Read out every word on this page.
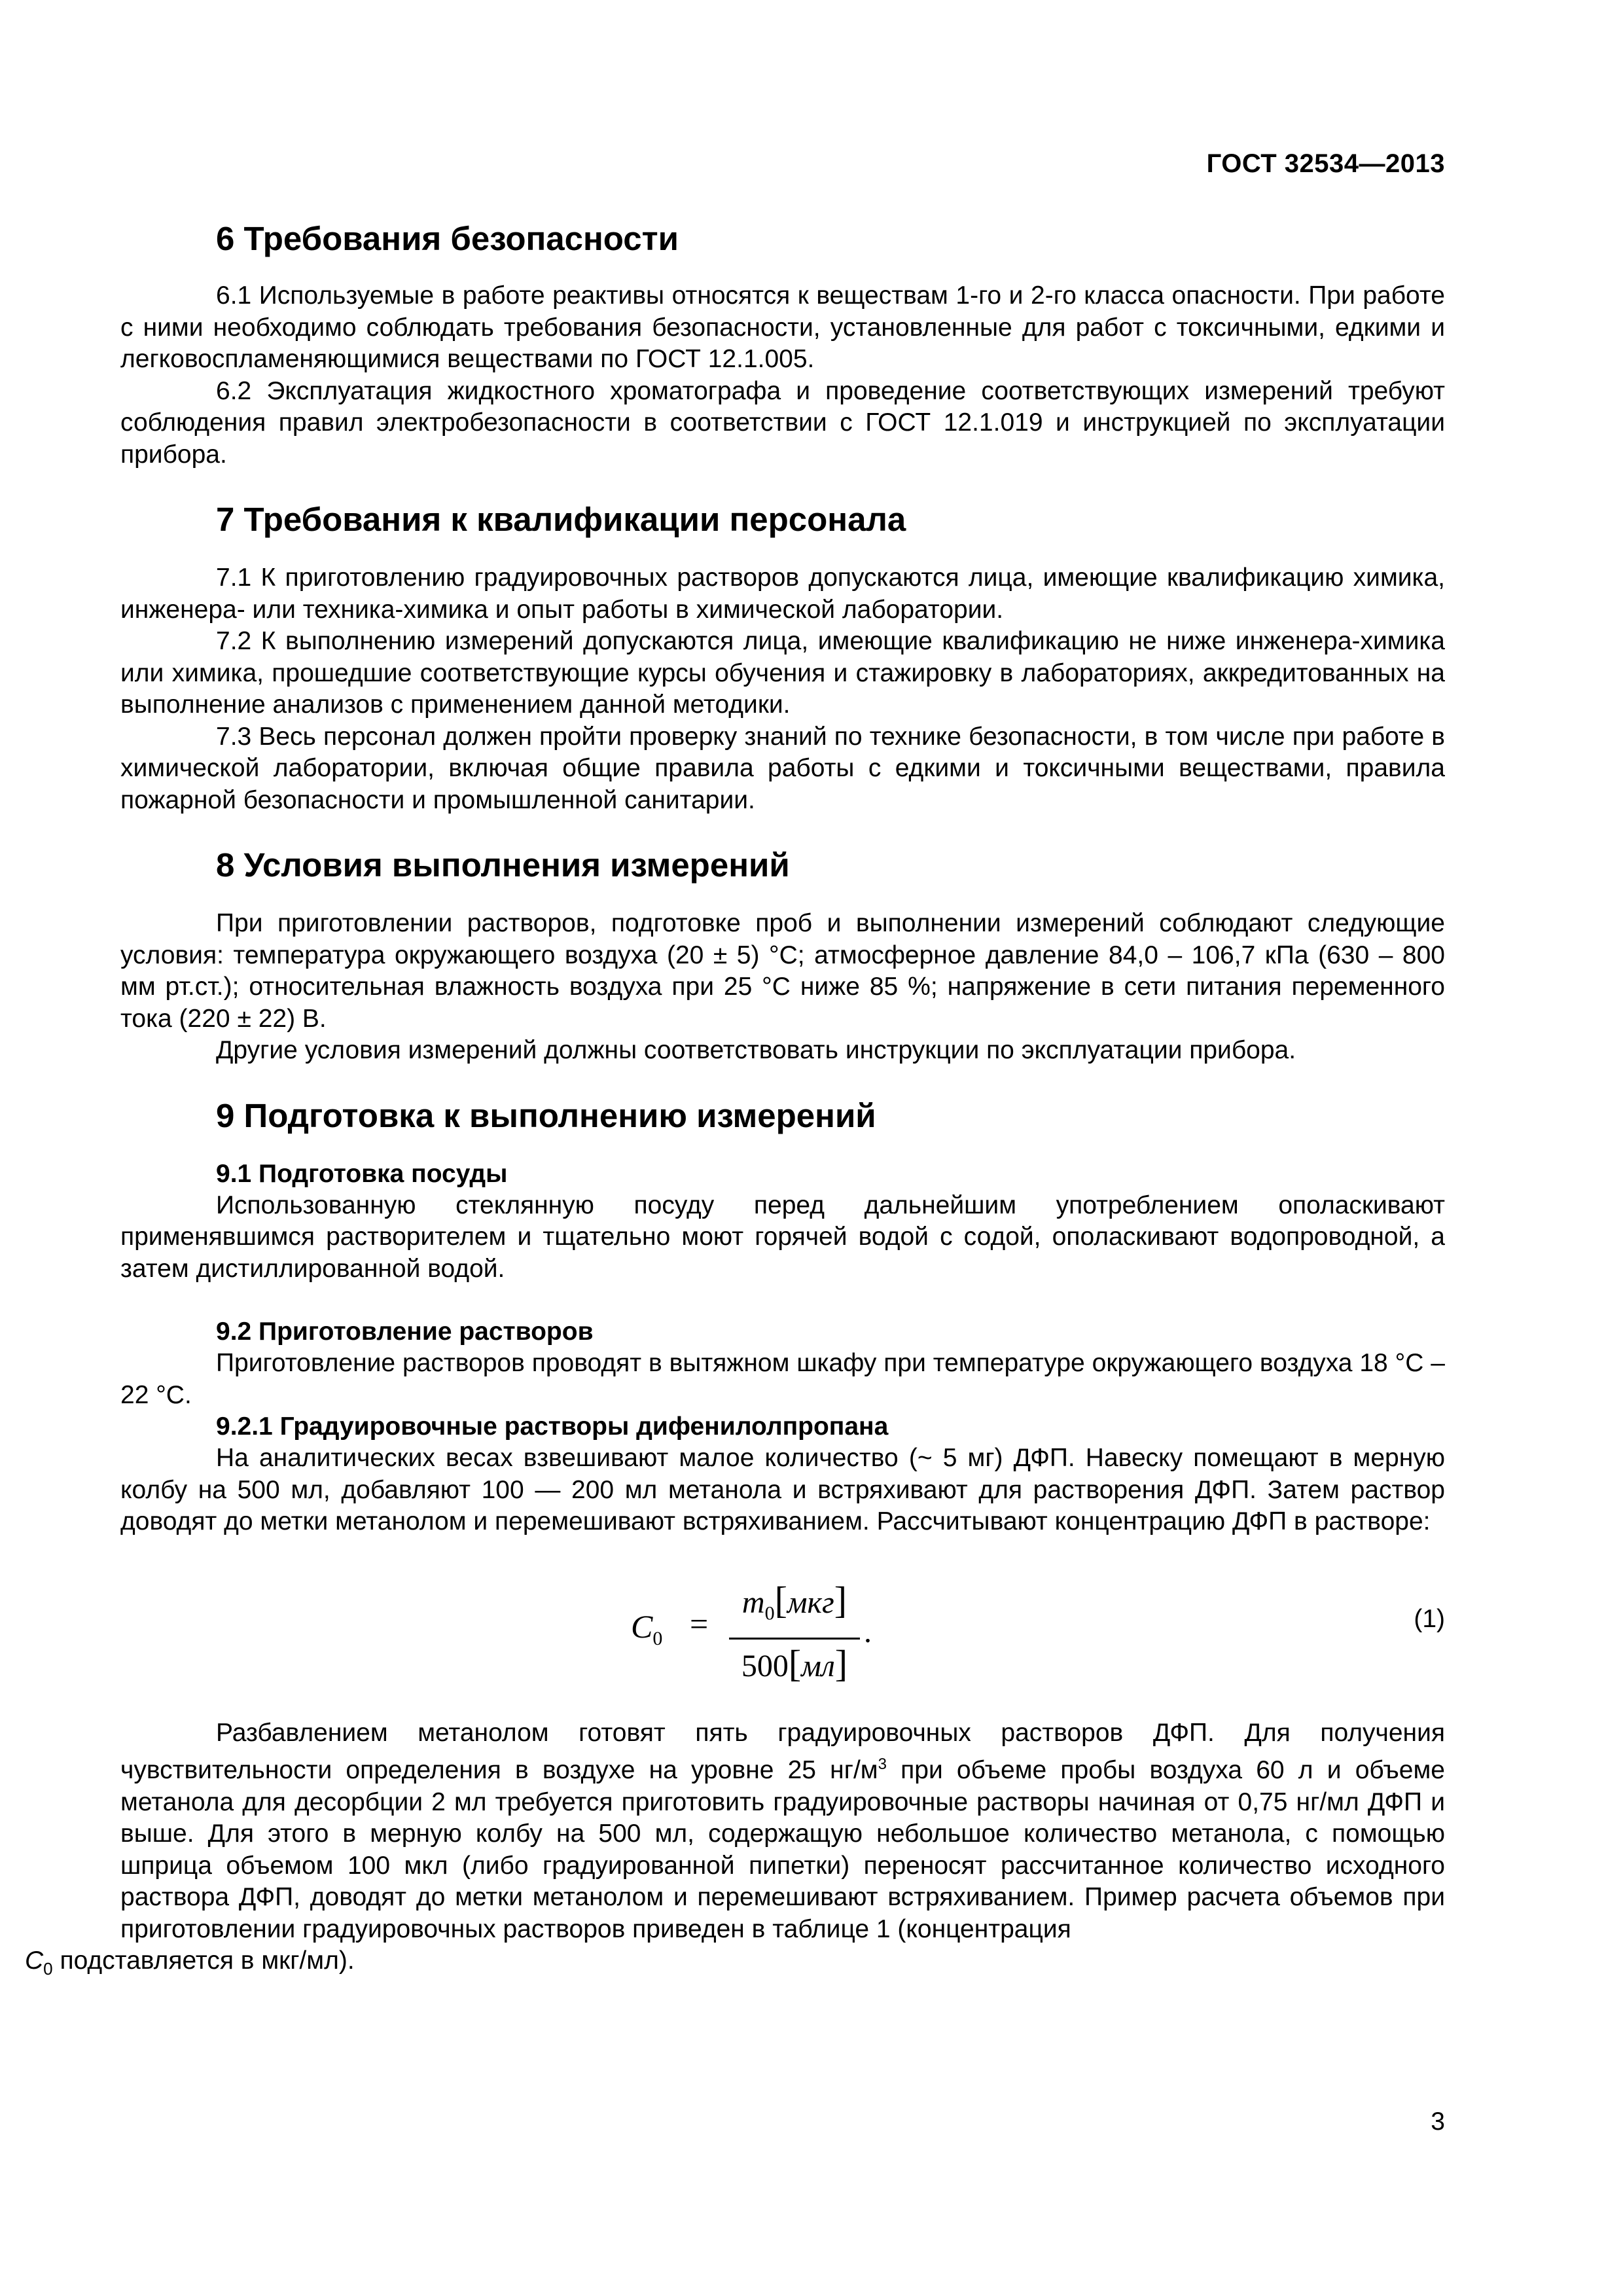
ГОСТ 32534—2013
6 Требования безопасности

6.1 Используемые в работе реактивы относятся к веществам 1-го и 2-го класса опасности. При работе с ними необходимо соблюдать требования безопасности, установленные для работ с токсичными, едкими и легковоспламеняющимися веществами по ГОСТ 12.1.005.

6.2 Эксплуатация жидкостного хроматографа и проведение соответствующих измерений требуют соблюдения правил электробезопасности в соответствии с ГОСТ 12.1.019 и инструкцией по эксплуатации прибора.

7 Требования к квалификации персонала

7.1 К приготовлению градуировочных растворов допускаются лица, имеющие квалификацию химика, инженера- или техника-химика и опыт работы в химической лаборатории.

7.2 К выполнению измерений допускаются лица, имеющие квалификацию не ниже инженера-химика или химика, прошедшие соответствующие курсы обучения и стажировку в лабораториях, аккредитованных на выполнение анализов с применением данной методики.

7.3 Весь персонал должен пройти проверку знаний по технике безопасности, в том числе при работе в химической лаборатории, включая общие правила работы с едкими и токсичными веществами, правила пожарной безопасности и промышленной санитарии.

8 Условия выполнения измерений

При приготовлении растворов, подготовке проб и выполнении измерений соблюдают следующие условия: температура окружающего воздуха (20 ± 5) °С; атмосферное давление 84,0 – 106,7 кПа (630 – 800 мм рт.ст.); относительная влажность воздуха при 25 °С ниже 85 %; напряжение в сети питания переменного тока (220 ± 22) В.

Другие условия измерений должны соответствовать инструкции по эксплуатации прибора.

9 Подготовка к выполнению измерений
9.1 Подготовка посуды

Использованную стеклянную посуду перед дальнейшим употреблением ополаскивают применявшимся растворителем и тщательно моют горячей водой с содой, ополаскивают водопроводной, а затем дистиллированной водой.

9.2 Приготовление растворов

Приготовление растворов проводят в вытяжном шкафу при температуре окружающего воздуха 18 °С – 22 °С.

9.2.1 Градуировочные растворы дифенилолпропана

На аналитических весах взвешивают малое количество (~ 5 мг) ДФП. Навеску помещают в мерную колбу на 500 мл, добавляют 100 — 200 мл метанола и встряхивают для растворения ДФП. Затем раствор доводят до метки метанолом и перемешивают встряхиванием. Рассчитывают концентрацию ДФП в растворе:

$C_0$ =
$m_0[мкг]$
500[мл]
.	(1)

Разбавлением метанолом готовят пять градуировочных растворов ДФП. Для получения чувствительности определения в воздухе на уровне 25 $нг/м^3$ при объеме пробы воздуха 60 л и объеме метанола для десорбции 2 мл требуется приготовить градуировочные растворы начиная от 0,75 нг/мл ДФП и выше. Для этого в мерную колбу на 500 мл, содержащую небольшое количество метанола, с помощью шприца объемом 100 мкл (либо градуированной пипетки) переносят рассчитанное количество исходного раствора ДФП, доводят до метки метанолом и перемешивают встряхиванием. Пример расчета объемов при приготовлении градуировочных растворов приведен в таблице 1 (концентрация
$C_0$ подставляется в мкг/мл).

3
